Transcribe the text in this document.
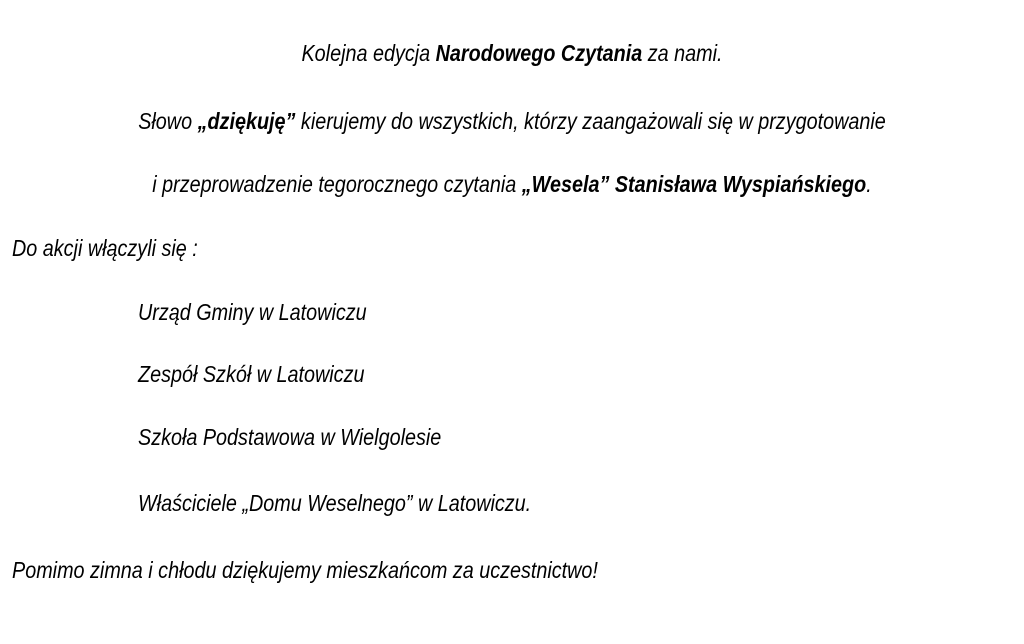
Kolejna edycja Narodowego Czytania za nami.
Słowo „dziękuję” kierujemy do wszystkich, którzy zaangażowali się w przygotowanie
i przeprowadzenie tegorocznego czytania „Wesela” Stanisława Wyspiańskiego.
Do akcji włączyli się :
Urząd Gminy w Latowiczu
Zespół Szkół w Latowiczu
Szkoła Podstawowa w Wielgolesie
Właściciele „Domu Weselnego” w Latowiczu.
Pomimo zimna i chłodu dziękujemy mieszkańcom za uczestnictwo!
